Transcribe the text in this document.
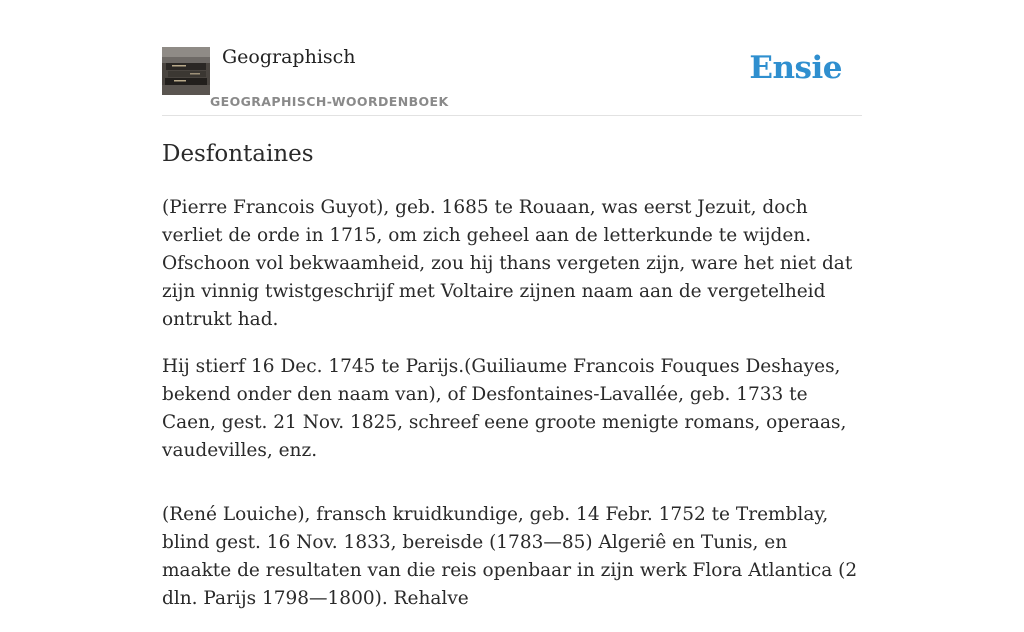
Geographisch
GEOGRAPHISCH-WOORDENBOEK
Ensie
Desfontaines

(Pierre Francois Guyot), geb. 1685 te Rouaan, was eerst Jezuit, doch verliet de orde in 1715, om zich geheel aan de letterkunde te wijden. Ofschoon vol bekwaamheid, zou hij thans vergeten zijn, ware het niet dat zijn vinnig twistgeschrijf met Voltaire zijnen naam aan de vergetelheid ontrukt had.

Hij stierf 16 Dec. 1745 te Parijs.(Guiliaume Francois Fouques Deshayes, bekend onder den naam van), of Desfontaines-Lavallée, geb. 1733 te Caen, gest. 21 Nov. 1825, schreef eene groote menigte romans, operaas, vaudevilles, enz.

(René Louiche), fransch kruidkundige, geb. 14 Febr. 1752 te Tremblay, blind gest. 16 Nov. 1833, bereisde (1783—85) Algeriê en Tunis, en maakte de resultaten van die reis openbaar in zijn werk Flora Atlantica (2 dln. Parijs 1798—1800). Rehalve
